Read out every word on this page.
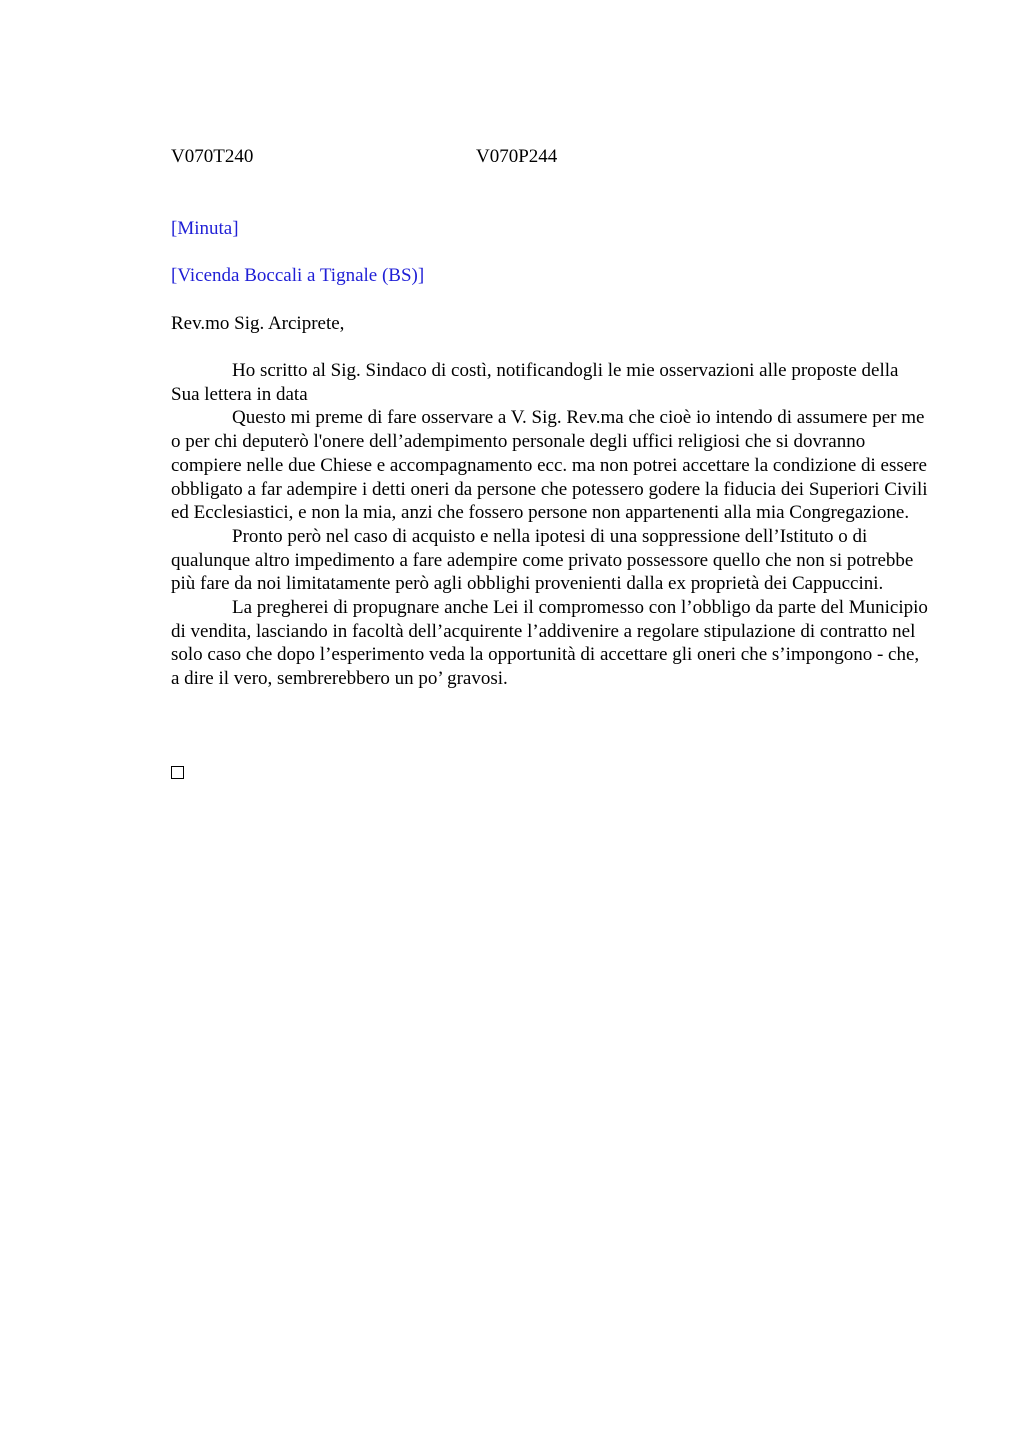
V070T240	V070P244
[Minuta]
[Vicenda Boccali a Tignale (BS)]
Rev.mo Sig. Arciprete,

Ho scritto al Sig. Sindaco di costì, notificandogli le mie osservazioni alle proposte della Sua lettera in data

Questo mi preme di fare osservare a V. Sig. Rev.ma che cioè io intendo di assumere per me o per chi deputerò l'onere dell’adempimento personale degli uffici religiosi che si dovranno compiere nelle due Chiese e accompagnamento ecc. ma non potrei accettare la condizione di essere obbligato a far adempire i detti oneri da persone che potessero godere la fiducia dei Superiori Civili ed Ecclesiastici, e non la mia, anzi che fossero persone non appartenenti alla mia Congregazione.

Pronto però nel caso di acquisto e nella ipotesi di una soppressione dell’Istituto o di qualunque altro impedimento a fare adempire come privato possessore quello che non si potrebbe più fare da noi limitatamente però agli obblighi provenienti dalla ex proprietà dei Cappuccini.

La pregherei di propugnare anche Lei il compromesso con l’obbligo da parte del Municipio di vendita, lasciando in facoltà dell’acquirente l’addivenire a regolare stipulazione di contratto nel solo caso che dopo l’esperimento veda la opportunità di accettare gli oneri che s’impongono - che, a dire il vero, sembrerebbero un po’ gravosi.
